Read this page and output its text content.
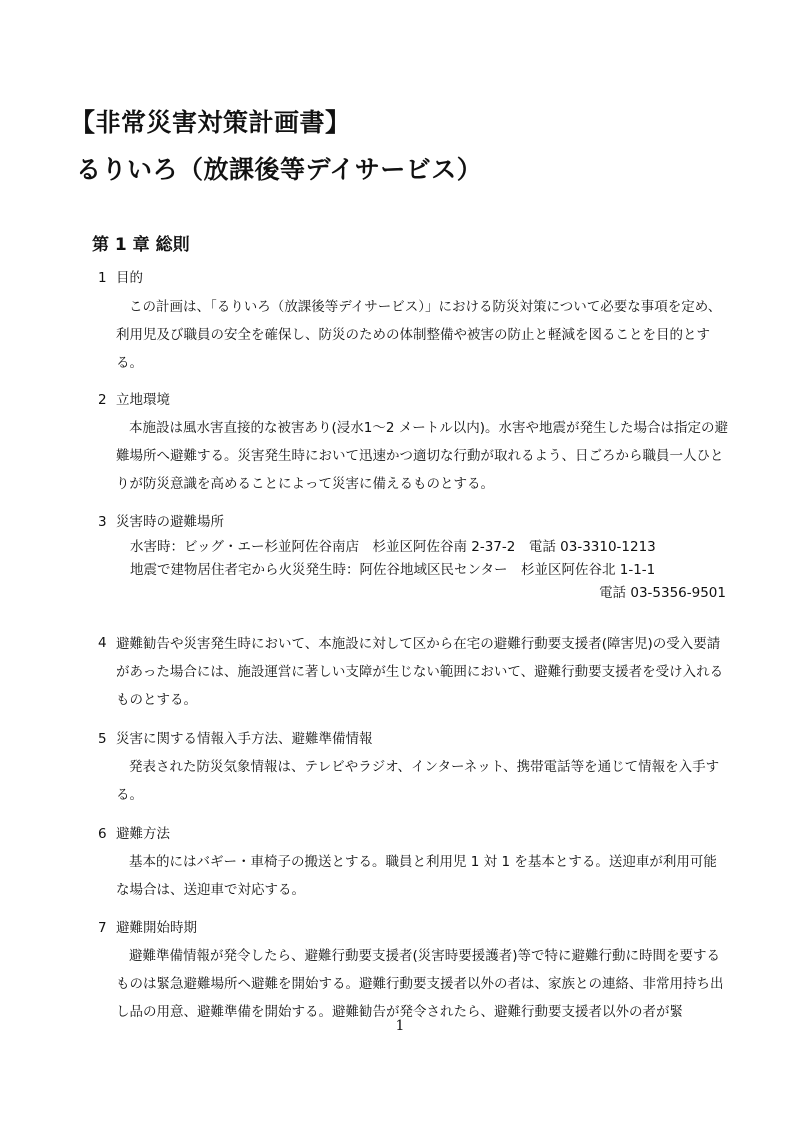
【非常災害対策計画書】
るりいろ（放課後等デイサービス）
第 1 章 総則
1 目的
この計画は、「るりいろ（放課後等デイサービス）」における防災対策について必要な事項を定め、利用児及び職員の安全を確保し、防災のための体制整備や被害の防止と軽減を図ることを目的とする。
2 立地環境
本施設は風水害直接的な被害あり(浸水1〜2 メートル以内)。水害や地震が発生した場合は指定の避難場所へ避難する。災害発生時において迅速かつ適切な行動が取れるよう、日ごろから職員一人ひとりが防災意識を高めることによって災害に備えるものとする。
3 災害時の避難場所
水害時：ビッグ・エー杉並阿佐谷南店　杉並区阿佐谷南 2-37-2　電話 03-3310-1213
地震で建物居住者宅から火災発生時：阿佐谷地域区民センター　杉並区阿佐谷北 1-1-1
電話 03-5356-9501
4 避難勧告や災害発生時において、本施設に対して区から在宅の避難行動要支援者(障害児)の受入要請があった場合には、施設運営に著しい支障が生じない範囲において、避難行動要支援者を受け入れるものとする。
5 災害に関する情報入手方法、避難準備情報
発表された防災気象情報は、テレビやラジオ、インターネット、携帯電話等を通じて情報を入手する。
6 避難方法
基本的にはバギー・車椅子の搬送とする。職員と利用児 1 対 1 を基本とする。送迎車が利用可能な場合は、送迎車で対応する。
7 避難開始時期
避難準備情報が発令したら、避難行動要支援者(災害時要援護者)等で特に避難行動に時間を要するものは緊急避難場所へ避難を開始する。避難行動要支援者以外の者は、家族との連絡、非常用持ち出し品の用意、避難準備を開始する。避難勧告が発令されたら、避難行動要支援者以外の者が緊
1
